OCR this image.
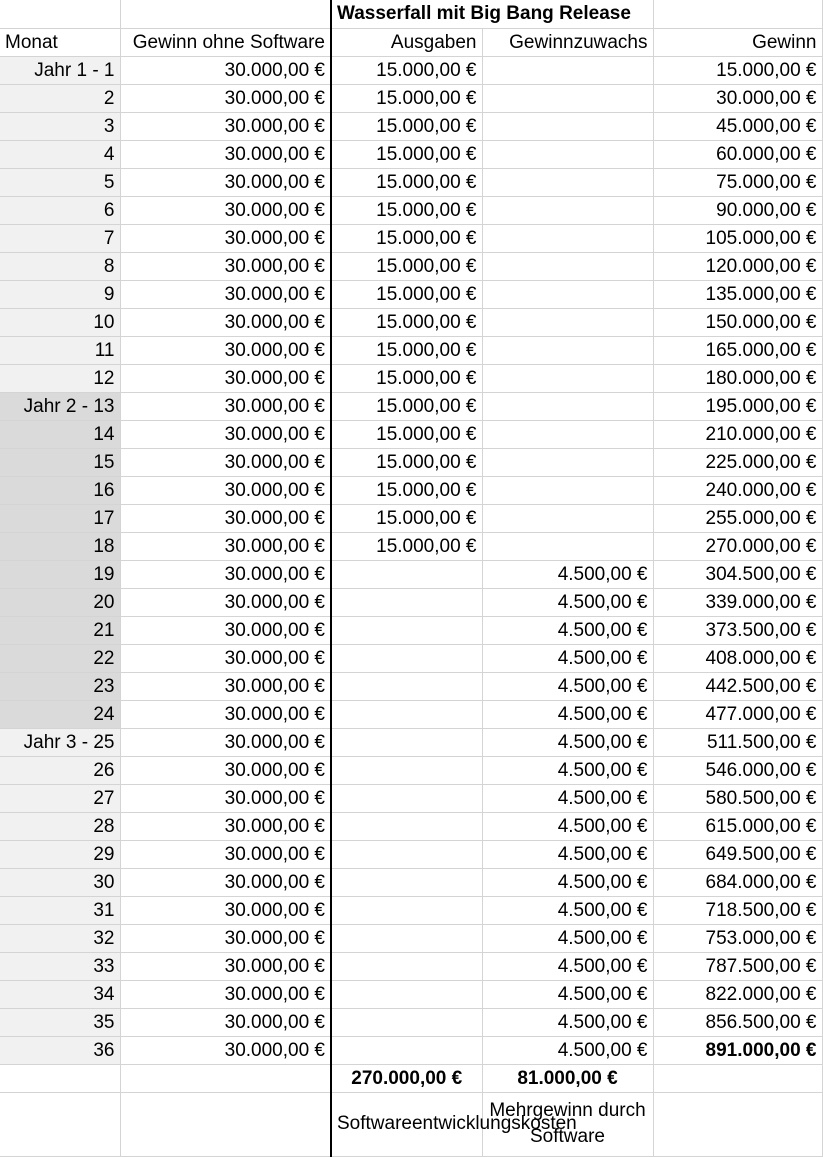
		Wasserfall mit Big Bang Release		
Monat	Gewinn ohne Software	Ausgaben	Gewinnzuwachs	Gewinn
Jahr 1 - 1	30.000,00 €	15.000,00 €		15.000,00 €
2	30.000,00 €	15.000,00 €		30.000,00 €
3	30.000,00 €	15.000,00 €		45.000,00 €
4	30.000,00 €	15.000,00 €		60.000,00 €
5	30.000,00 €	15.000,00 €		75.000,00 €
6	30.000,00 €	15.000,00 €		90.000,00 €
7	30.000,00 €	15.000,00 €		105.000,00 €
8	30.000,00 €	15.000,00 €		120.000,00 €
9	30.000,00 €	15.000,00 €		135.000,00 €
10	30.000,00 €	15.000,00 €		150.000,00 €
11	30.000,00 €	15.000,00 €		165.000,00 €
12	30.000,00 €	15.000,00 €		180.000,00 €
Jahr 2 - 13	30.000,00 €	15.000,00 €		195.000,00 €
14	30.000,00 €	15.000,00 €		210.000,00 €
15	30.000,00 €	15.000,00 €		225.000,00 €
16	30.000,00 €	15.000,00 €		240.000,00 €
17	30.000,00 €	15.000,00 €		255.000,00 €
18	30.000,00 €	15.000,00 €		270.000,00 €
19	30.000,00 €		4.500,00 €	304.500,00 €
20	30.000,00 €		4.500,00 €	339.000,00 €
21	30.000,00 €		4.500,00 €	373.500,00 €
22	30.000,00 €		4.500,00 €	408.000,00 €
23	30.000,00 €		4.500,00 €	442.500,00 €
24	30.000,00 €		4.500,00 €	477.000,00 €
Jahr 3 - 25	30.000,00 €		4.500,00 €	511.500,00 €
26	30.000,00 €		4.500,00 €	546.000,00 €
27	30.000,00 €		4.500,00 €	580.500,00 €
28	30.000,00 €		4.500,00 €	615.000,00 €
29	30.000,00 €		4.500,00 €	649.500,00 €
30	30.000,00 €		4.500,00 €	684.000,00 €
31	30.000,00 €		4.500,00 €	718.500,00 €
32	30.000,00 €		4.500,00 €	753.000,00 €
33	30.000,00 €		4.500,00 €	787.500,00 €
34	30.000,00 €		4.500,00 €	822.000,00 €
35	30.000,00 €		4.500,00 €	856.500,00 €
36	30.000,00 €		4.500,00 €	891.000,00 €
		270.000,00 €	81.000,00 €	
		Softwareentwicklungskosten	Mehrgewinn durch Software	
